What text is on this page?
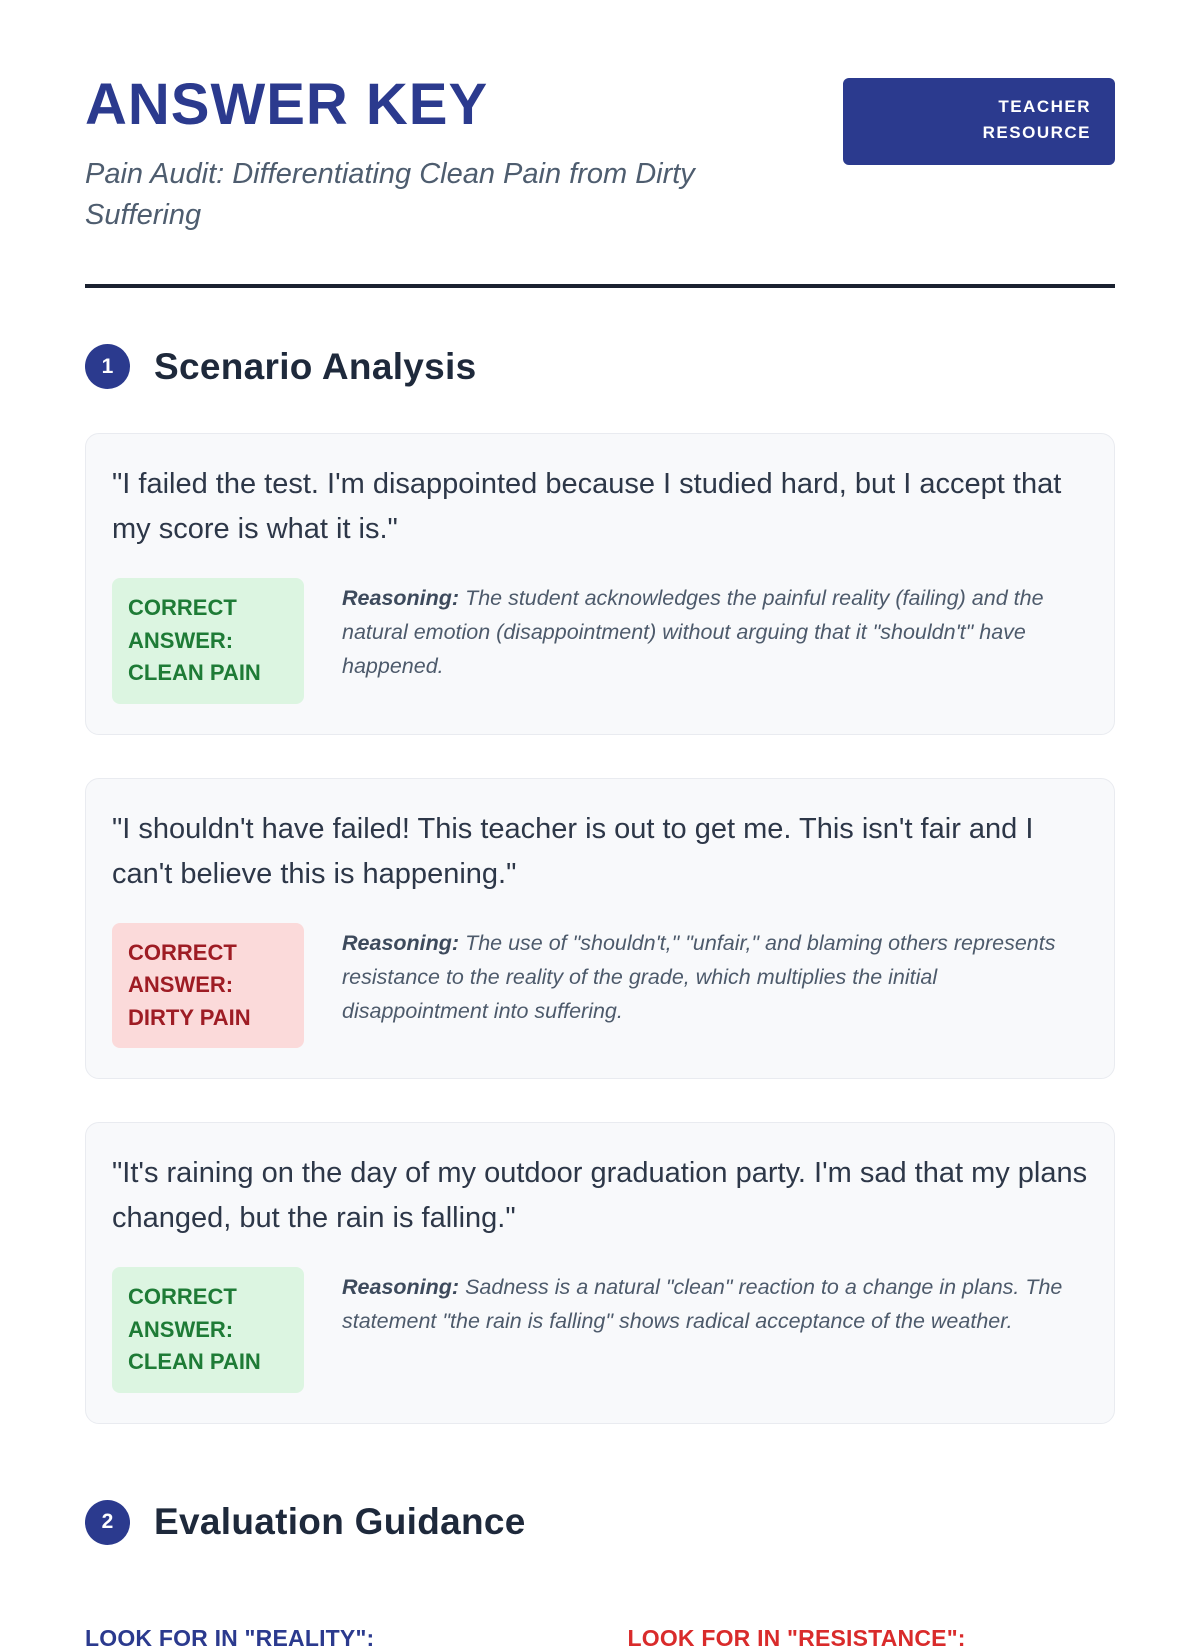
ANSWER KEY
Pain Audit: Differentiating Clean Pain from Dirty Suffering
TEACHER RESOURCE
1	Scenario Analysis
"I failed the test. I'm disappointed because I studied hard, but I accept that my score is what it is."
CORRECT ANSWER: CLEAN PAIN
Reasoning: The student acknowledges the painful reality (failing) and the natural emotion (disappointment) without arguing that it "shouldn't" have happened.
"I shouldn't have failed! This teacher is out to get me. This isn't fair and I can't believe this is happening."
CORRECT ANSWER: DIRTY PAIN
Reasoning: The use of "shouldn't," "unfair," and blaming others represents resistance to the reality of the grade, which multiplies the initial disappointment into suffering.
"It's raining on the day of my outdoor graduation party. I'm sad that my plans changed, but the rain is falling."
CORRECT ANSWER: CLEAN PAIN
Reasoning: Sadness is a natural "clean" reaction to a change in plans. The statement "the rain is falling" shows radical acceptance of the weather.
2	Evaluation Guidance
LOOK FOR IN "REALITY":	LOOK FOR IN "RESISTANCE":
